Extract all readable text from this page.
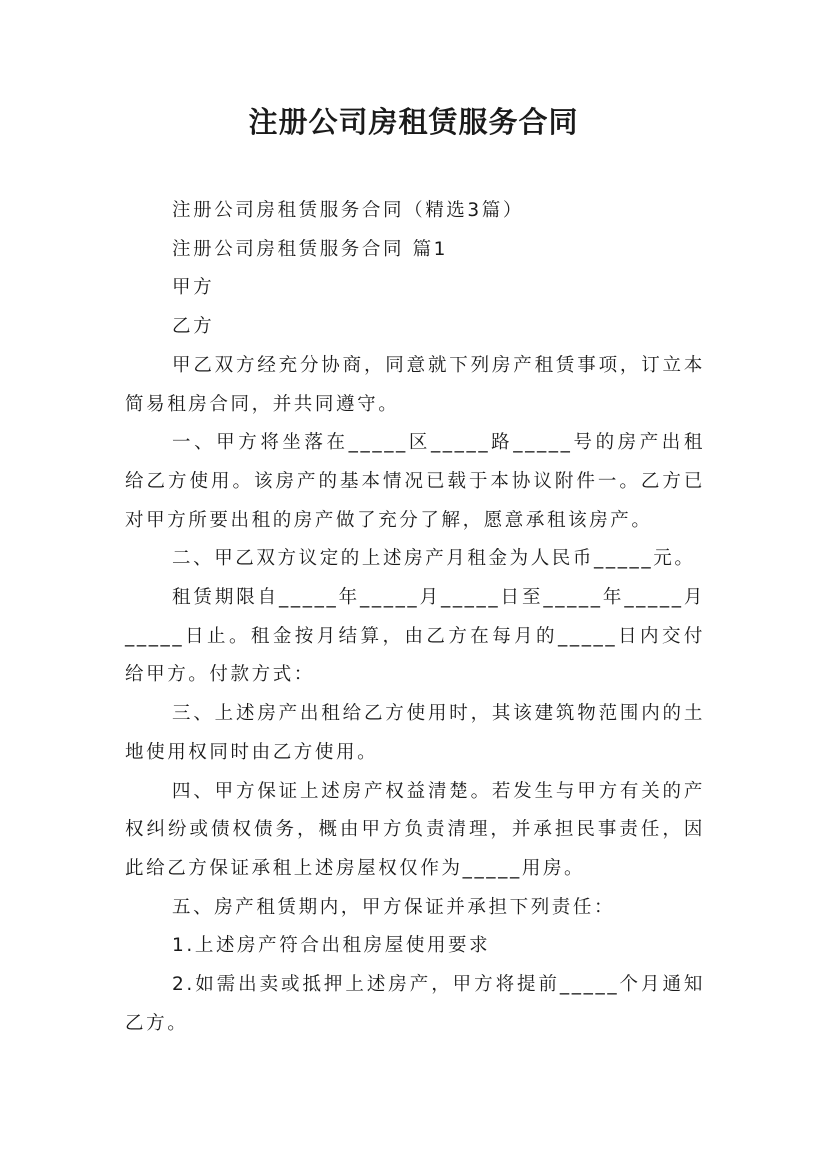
注册公司房租赁服务合同

注册公司房租赁服务合同（精选3篇）

注册公司房租赁服务合同 篇1

甲方

乙方

甲乙双方经充分协商，同意就下列房产租赁事项，订立本简易租房合同，并共同遵守。

一、甲方将坐落在_____区_____路_____号的房产出租给乙方使用。该房产的基本情况已载于本协议附件一。乙方已对甲方所要出租的房产做了充分了解，愿意承租该房产。

二、甲乙双方议定的上述房产月租金为人民币_____元。

租赁期限自_____年_____月_____日至_____年_____月_____日止。租金按月结算，由乙方在每月的_____日内交付给甲方。付款方式：

三、上述房产出租给乙方使用时，其该建筑物范围内的土地使用权同时由乙方使用。

四、甲方保证上述房产权益清楚。若发生与甲方有关的产权纠纷或债权债务，概由甲方负责清理，并承担民事责任，因此给乙方保证承租上述房屋权仅作为_____用房。

五、房产租赁期内，甲方保证并承担下列责任：

1.上述房产符合出租房屋使用要求

2.如需出卖或抵押上述房产，甲方将提前_____个月通知乙方。
